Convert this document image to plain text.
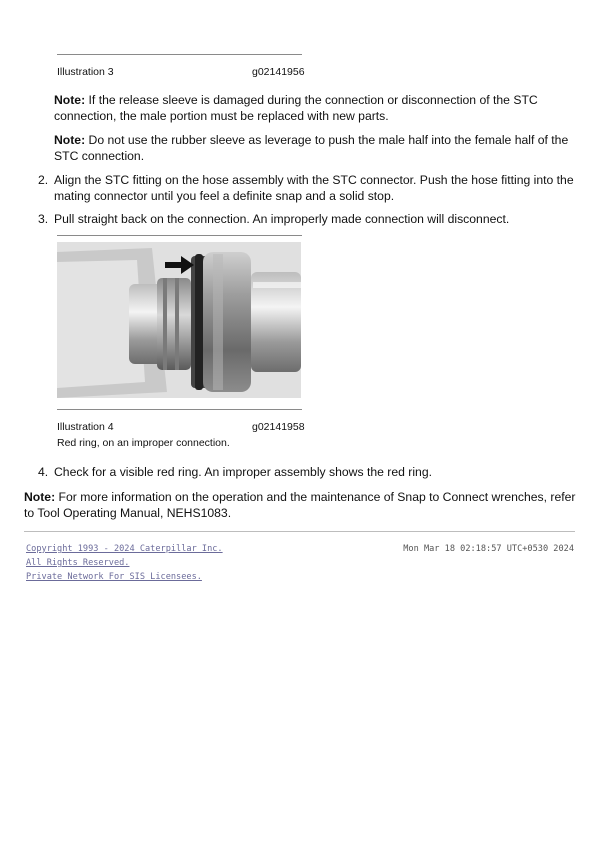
Illustration 3	g02141956
Note: If the release sleeve is damaged during the connection or disconnection of the STC connection, the male portion must be replaced with new parts.
Note: Do not use the rubber sleeve as leverage to push the male half into the female half of the STC connection.
2. Align the STC fitting on the hose assembly with the STC connector. Push the hose fitting into the mating connector until you feel a definite snap and a solid stop.
3. Pull straight back on the connection. An improperly made connection will disconnect.
Illustration 4	g02141958
Red ring, on an improper connection.
4. Check for a visible red ring. An improper assembly shows the red ring.
Note: For more information on the operation and the maintenance of Snap to Connect wrenches, refer to Tool Operating Manual, NEHS1083.
Copyright 1993 - 2024 Caterpillar Inc.
All Rights Reserved.
Private Network For SIS Licensees.
Mon Mar 18 02:18:57 UTC+0530 2024
